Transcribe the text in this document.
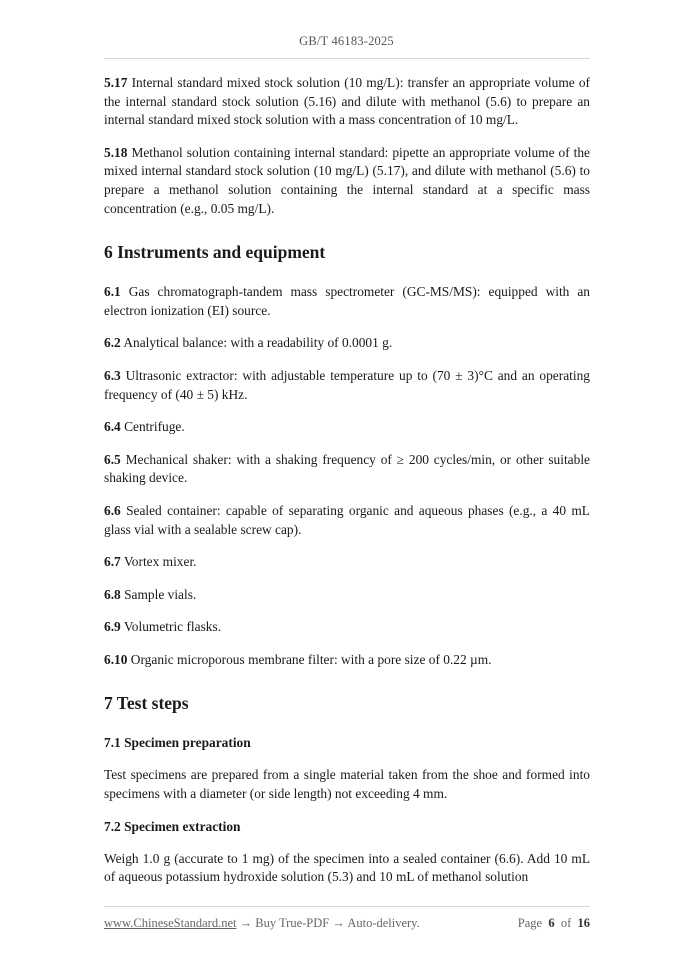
GB/T 46183-2025

5.17 Internal standard mixed stock solution (10 mg/L): transfer an appropriate volume of the internal standard stock solution (5.16) and dilute with methanol (5.6) to prepare an internal standard mixed stock solution with a mass concentration of 10 mg/L.

5.18 Methanol solution containing internal standard: pipette an appropriate volume of the mixed internal standard stock solution (10 mg/L) (5.17), and dilute with methanol (5.6) to prepare a methanol solution containing the internal standard at a specific mass concentration (e.g., 0.05 mg/L).

6 Instruments and equipment

6.1 Gas chromatograph-tandem mass spectrometer (GC-MS/MS): equipped with an electron ionization (EI) source.

6.2 Analytical balance: with a readability of 0.0001 g.

6.3 Ultrasonic extractor: with adjustable temperature up to (70 ± 3)°C and an operating frequency of (40 ± 5) kHz.

6.4 Centrifuge.

6.5 Mechanical shaker: with a shaking frequency of ≥ 200 cycles/min, or other suitable shaking device.

6.6 Sealed container: capable of separating organic and aqueous phases (e.g., a 40 mL glass vial with a sealable screw cap).

6.7 Vortex mixer.

6.8 Sample vials.

6.9 Volumetric flasks.

6.10 Organic microporous membrane filter: with a pore size of 0.22 µm.

7 Test steps
7.1 Specimen preparation

Test specimens are prepared from a single material taken from the shoe and formed into specimens with a diameter (or side length) not exceeding 4 mm.

7.2 Specimen extraction

Weigh 1.0 g (accurate to 1 mg) of the specimen into a sealed container (6.6). Add 10 mL of aqueous potassium hydroxide solution (5.3) and 10 mL of methanol solution

www.ChineseStandard.net → Buy True-PDF → Auto-delivery.	Page 6 of 16
